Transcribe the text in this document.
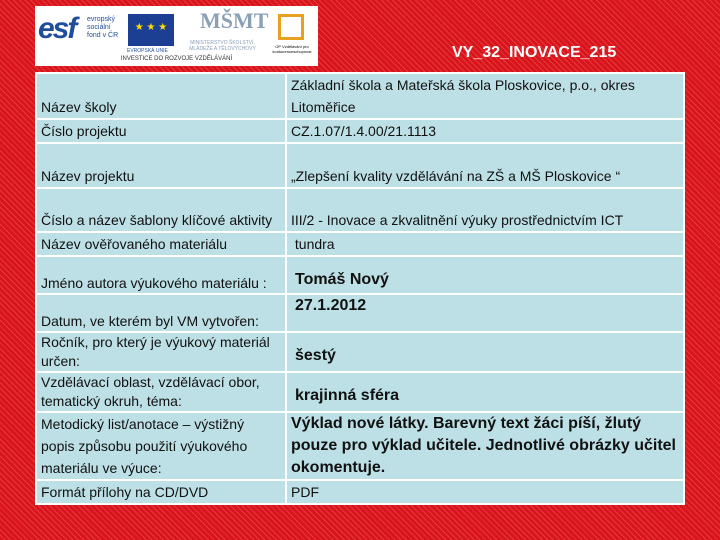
esf evropský sociální fond v ČR
★ ★ ★
EVROPSKÁ UNIE
MŠMT
MINISTERSTVO ŠKOLSTVÍ, MLÁDEŽE A TĚLOVÝCHOVY	OP Vzdělávání pro konkurenceschopnost
INVESTICE DO ROZVOJE VZDĚLÁVÁNÍ	VY_32_INOVACE_215
Název školy	Základní škola a Mateřská škola Ploskovice, p.o., okres Litoměřice
Číslo projektu	CZ.1.07/1.4.00/21.1113
Název projektu	„Zlepšení kvality vzdělávání na ZŠ a MŠ Ploskovice “
Číslo a název šablony klíčové aktivity	III/2 - Inovace a zkvalitnění výuky prostřednictvím ICT
Název ověřovaného materiálu	tundra
Jméno autora výukového materiálu :	Tomáš Nový
Datum, ve kterém byl VM vytvořen:	27.1.2012
Ročník, pro který je výukový materiál určen:	šestý
Vzdělávací oblast, vzdělávací obor, tematický okruh, téma:	krajinná sféra
Metodický list/anotace – výstižný popis způsobu použití výukového materiálu ve výuce:	Výklad nové látky. Barevný text žáci píší, žlutý pouze pro výklad učitele. Jednotlivé obrázky učitel okomentuje.
Formát přílohy na CD/DVD	PDF
